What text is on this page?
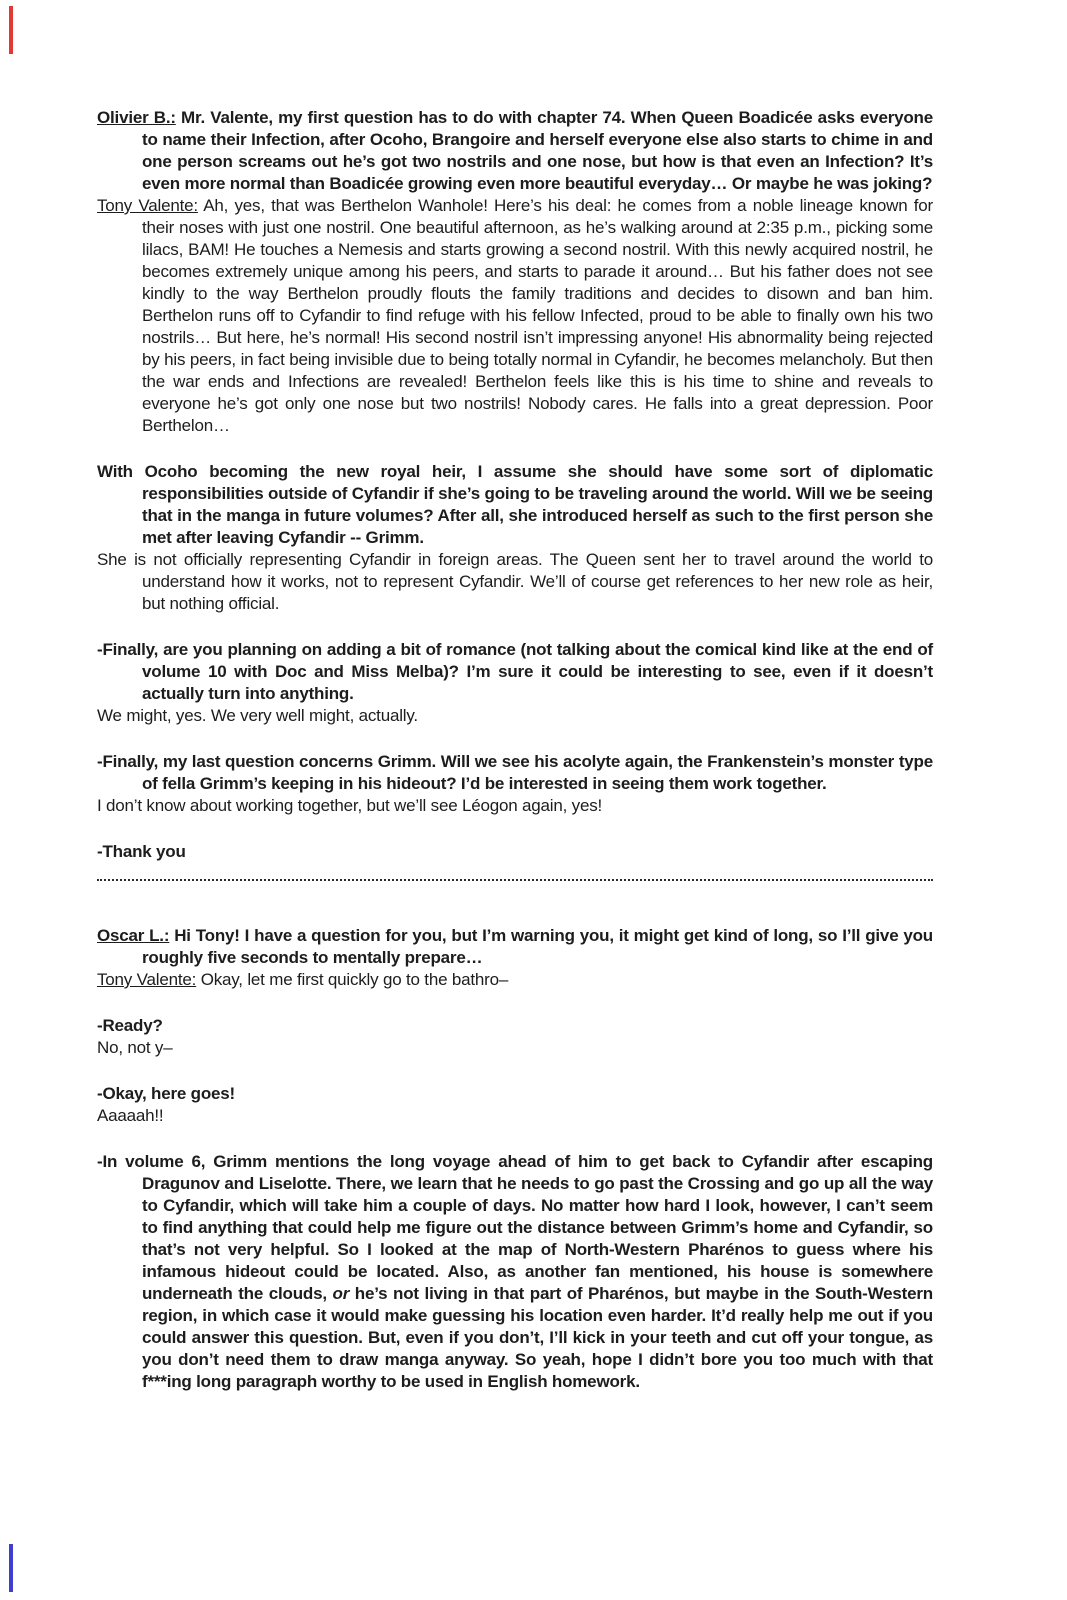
Olivier B.: Mr. Valente, my first question has to do with chapter 74. When Queen Boadicée asks everyone to name their Infection, after Ocoho, Brangoire and herself everyone else also starts to chime in and one person screams out he’s got two nostrils and one nose, but how is that even an Infection? It’s even more normal than Boadicée growing even more beautiful everyday… Or maybe he was joking?

Tony Valente: Ah, yes, that was Berthelon Wanhole! Here’s his deal: he comes from a noble lineage known for their noses with just one nostril. One beautiful afternoon, as he’s walking around at 2:35 p.m., picking some lilacs, BAM! He touches a Nemesis and starts growing a second nostril. With this newly acquired nostril, he becomes extremely unique among his peers, and starts to parade it around… But his father does not see kindly to the way Berthelon proudly flouts the family traditions and decides to disown and ban him. Berthelon runs off to Cyfandir to find refuge with his fellow Infected, proud to be able to finally own his two nostrils… But here, he’s normal! His second nostril isn’t impressing anyone! His abnormality being rejected by his peers, in fact being invisible due to being totally normal in Cyfandir, he becomes melancholy. But then the war ends and Infections are revealed! Berthelon feels like this is his time to shine and reveals to everyone he’s got only one nose but two nostrils! Nobody cares. He falls into a great depression. Poor Berthelon…

With Ocoho becoming the new royal heir, I assume she should have some sort of diplomatic responsibilities outside of Cyfandir if she’s going to be traveling around the world. Will we be seeing that in the manga in future volumes? After all, she introduced herself as such to the first person she met after leaving Cyfandir -- Grimm.

She is not officially representing Cyfandir in foreign areas. The Queen sent her to travel around the world to understand how it works, not to represent Cyfandir. We’ll of course get references to her new role as heir, but nothing official.

-Finally, are you planning on adding a bit of romance (not talking about the comical kind like at the end of volume 10 with Doc and Miss Melba)? I’m sure it could be interesting to see, even if it doesn’t actually turn into anything.

We might, yes. We very well might, actually.

-Finally, my last question concerns Grimm. Will we see his acolyte again, the Frankenstein’s monster type of fella Grimm’s keeping in his hideout? I’d be interested in seeing them work together.

I don’t know about working together, but we’ll see Léogon again, yes!

-Thank you

Oscar L.: Hi Tony! I have a question for you, but I’m warning you, it might get kind of long, so I’ll give you roughly five seconds to mentally prepare…

Tony Valente: Okay, let me first quickly go to the bathro–

-Ready?

No, not y–

-Okay, here goes!

Aaaaah!!

-In volume 6, Grimm mentions the long voyage ahead of him to get back to Cyfandir after escaping Dragunov and Liselotte. There, we learn that he needs to go past the Crossing and go up all the way to Cyfandir, which will take him a couple of days. No matter how hard I look, however, I can’t seem to find anything that could help me figure out the distance between Grimm’s home and Cyfandir, so that’s not very helpful. So I looked at the map of North-Western Pharénos to guess where his infamous hideout could be located. Also, as another fan mentioned, his house is somewhere underneath the clouds, or he’s not living in that part of Pharénos, but maybe in the South-Western region, in which case it would make guessing his location even harder. It’d really help me out if you could answer this question. But, even if you don’t, I’ll kick in your teeth and cut off your tongue, as you don’t need them to draw manga anyway. So yeah, hope I didn’t bore you too much with that f***ing long paragraph worthy to be used in English homework.
